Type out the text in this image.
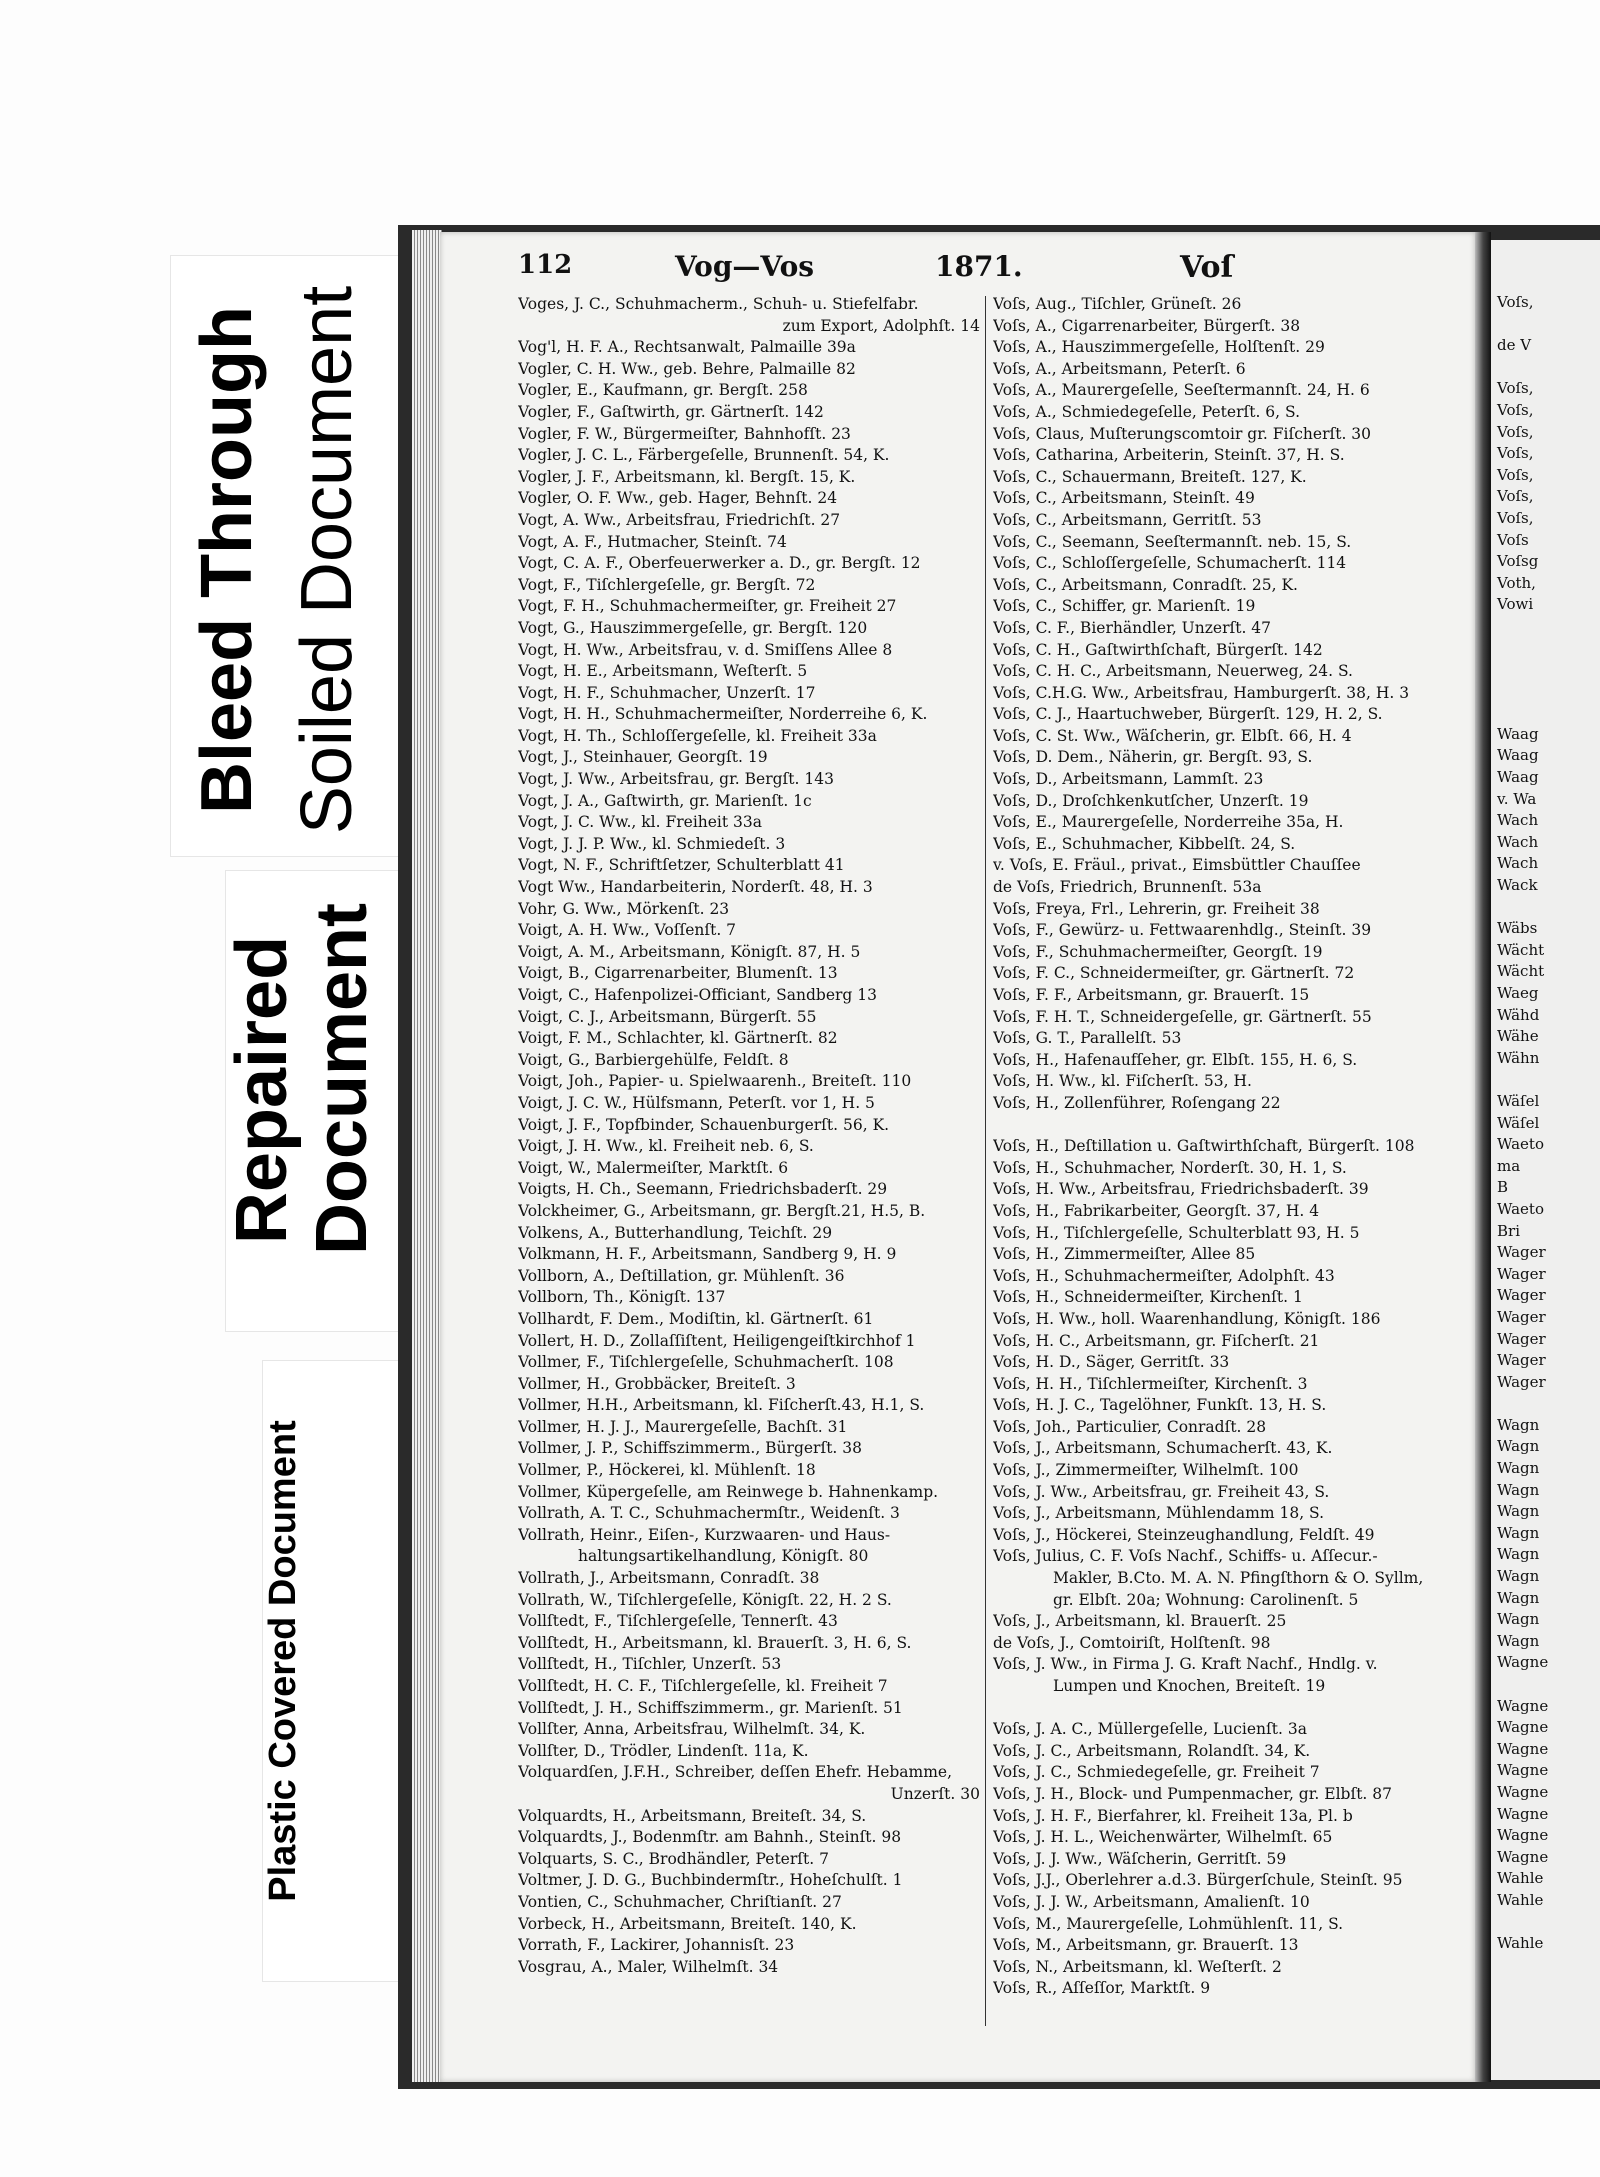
Bleed Through Soiled Document
Repaired Document
Plastic Covered Document
Voſs,

de V

Voſs,
Voſs,
Voſs,
Voſs,
Voſs,
Voſs,
Voſs,
Voſs
Voſsg
Voth,
Vowi

Waag
Waag
Waag
v. Wa
Wach
Wach
Wach
Wack

Wäbs
Wächt
Wächt
Waeg
Wähd
Wähe
Wähn

Wäſel
Wäſel
Waeto
ma
B
Waeto
Bri
Wager
Wager
Wager
Wager
Wager
Wager
Wager

Wagn
Wagn
Wagn
Wagn
Wagn
Wagn
Wagn
Wagn
Wagn
Wagn
Wagn
Wagne

Wagne
Wagne
Wagne
Wagne
Wagne
Wagne
Wagne
Wagne
Wahle
Wahle

Wahle
112	Vog—Vos	1871.	Voſ
Voges, J. C., Schuhmacherm., Schuh- u. Stiefelfabr.
zum Export, Adolphſt. 14
Vog'l, H. F. A., Rechtsanwalt, Palmaille 39a
Vogler, C. H. Ww., geb. Behre, Palmaille 82
Vogler, E., Kaufmann, gr. Bergſt. 258
Vogler, F., Gaſtwirth, gr. Gärtnerſt. 142
Vogler, F. W., Bürgermeiſter, Bahnhofſt. 23
Vogler, J. C. L., Färbergeſelle, Brunnenſt. 54, K.
Vogler, J. F., Arbeitsmann, kl. Bergſt. 15, K.
Vogler, O. F. Ww., geb. Hager, Behnſt. 24
Vogt, A. Ww., Arbeitsfrau, Friedrichſt. 27
Vogt, A. F., Hutmacher, Steinſt. 74
Vogt, C. A. F., Oberfeuerwerker a. D., gr. Bergſt. 12
Vogt, F., Tiſchlergeſelle, gr. Bergſt. 72
Vogt, F. H., Schuhmachermeiſter, gr. Freiheit 27
Vogt, G., Hauszimmergeſelle, gr. Bergſt. 120
Vogt, H. Ww., Arbeitsfrau, v. d. Smiſſens Allee 8
Vogt, H. E., Arbeitsmann, Weſterſt. 5
Vogt, H. F., Schuhmacher, Unzerſt. 17
Vogt, H. H., Schuhmachermeiſter, Norderreihe 6, K.
Vogt, H. Th., Schloſſergeſelle, kl. Freiheit 33a
Vogt, J., Steinhauer, Georgſt. 19
Vogt, J. Ww., Arbeitsfrau, gr. Bergſt. 143
Vogt, J. A., Gaſtwirth, gr. Marienſt. 1c
Vogt, J. C. Ww., kl. Freiheit 33a
Vogt, J. J. P. Ww., kl. Schmiedeſt. 3
Vogt, N. F., Schriftſetzer, Schulterblatt 41
Vogt Ww., Handarbeiterin, Norderſt. 48, H. 3
Vohr, G. Ww., Mörkenſt. 23
Voigt, A. H. Ww., Voſſenſt. 7
Voigt, A. M., Arbeitsmann, Königſt. 87, H. 5
Voigt, B., Cigarrenarbeiter, Blumenſt. 13
Voigt, C., Hafenpolizei-Officiant, Sandberg 13
Voigt, C. J., Arbeitsmann, Bürgerſt. 55
Voigt, F. M., Schlachter, kl. Gärtnerſt. 82
Voigt, G., Barbiergehülfe, Feldſt. 8
Voigt, Joh., Papier- u. Spielwaarenh., Breiteſt. 110
Voigt, J. C. W., Hülfsmann, Peterſt. vor 1, H. 5
Voigt, J. F., Topfbinder, Schauenburgerſt. 56, K.
Voigt, J. H. Ww., kl. Freiheit neb. 6, S.
Voigt, W., Malermeiſter, Marktſt. 6
Voigts, H. Ch., Seemann, Friedrichsbaderſt. 29
Volckheimer, G., Arbeitsmann, gr. Bergſt.21, H.5, B.
Volkens, A., Butterhandlung, Teichſt. 29
Volkmann, H. F., Arbeitsmann, Sandberg 9, H. 9
Vollborn, A., Deſtillation, gr. Mühlenſt. 36
Vollborn, Th., Königſt. 137
Vollhardt, F. Dem., Modiſtin, kl. Gärtnerſt. 61
Vollert, H. D., Zollaſſiſtent, Heiligengeiſtkirchhof 1
Vollmer, F., Tiſchlergeſelle, Schuhmacherſt. 108
Vollmer, H., Grobbäcker, Breiteſt. 3
Vollmer, H.H., Arbeitsmann, kl. Fiſcherſt.43, H.1, S.
Vollmer, H. J. J., Maurergeſelle, Bachſt. 31
Vollmer, J. P., Schiffszimmerm., Bürgerſt. 38
Vollmer, P., Höckerei, kl. Mühlenſt. 18
Vollmer, Küpergeſelle, am Reinwege b. Hahnenkamp.
Vollrath, A. T. C., Schuhmachermſtr., Weidenſt. 3
Vollrath, Heinr., Eiſen-, Kurzwaaren- und Haus-
haltungsartikelhandlung, Königſt. 80
Vollrath, J., Arbeitsmann, Conradſt. 38
Vollrath, W., Tiſchlergeſelle, Königſt. 22, H. 2 S.
Vollſtedt, F., Tiſchlergeſelle, Tennerſt. 43
Vollſtedt, H., Arbeitsmann, kl. Brauerſt. 3, H. 6, S.
Vollſtedt, H., Tiſchler, Unzerſt. 53
Vollſtedt, H. C. F., Tiſchlergeſelle, kl. Freiheit 7
Vollſtedt, J. H., Schiffszimmerm., gr. Marienſt. 51
Vollſter, Anna, Arbeitsfrau, Wilhelmſt. 34, K.
Vollſter, D., Trödler, Lindenſt. 11a, K.
Volquardſen, J.F.H., Schreiber, deſſen Ehefr. Hebamme,
Unzerſt. 30
Volquardts, H., Arbeitsmann, Breiteſt. 34, S.
Volquardts, J., Bodenmſtr. am Bahnh., Steinſt. 98
Volquarts, S. C., Brodhändler, Peterſt. 7
Voltmer, J. D. G., Buchbindermſtr., Hoheſchulſt. 1
Vontien, C., Schuhmacher, Chriſtianſt. 27
Vorbeck, H., Arbeitsmann, Breiteſt. 140, K.
Vorrath, F., Lackirer, Johannisſt. 23
Vosgrau, A., Maler, Wilhelmſt. 34
Voſs, Aug., Tiſchler, Grüneſt. 26
Voſs, A., Cigarrenarbeiter, Bürgerſt. 38
Voſs, A., Hauszimmergeſelle, Holſtenſt. 29
Voſs, A., Arbeitsmann, Peterſt. 6
Voſs, A., Maurergeſelle, Seeſtermannſt. 24, H. 6
Voſs, A., Schmiedegeſelle, Peterſt. 6, S.
Voſs, Claus, Muſterungscomtoir gr. Fiſcherſt. 30
Voſs, Catharina, Arbeiterin, Steinſt. 37, H. S.
Voſs, C., Schauermann, Breiteſt. 127, K.
Voſs, C., Arbeitsmann, Steinſt. 49
Voſs, C., Arbeitsmann, Gerritſt. 53
Voſs, C., Seemann, Seeſtermannſt. neb. 15, S.
Voſs, C., Schloſſergeſelle, Schumacherſt. 114
Voſs, C., Arbeitsmann, Conradſt. 25, K.
Voſs, C., Schiffer, gr. Marienſt. 19
Voſs, C. F., Bierhändler, Unzerſt. 47
Voſs, C. H., Gaſtwirthſchaft, Bürgerſt. 142
Voſs, C. H. C., Arbeitsmann, Neuerweg, 24. S.
Voſs, C.H.G. Ww., Arbeitsfrau, Hamburgerſt. 38, H. 3
Voſs, C. J., Haartuchweber, Bürgerſt. 129, H. 2, S.
Voſs, C. St. Ww., Wäſcherin, gr. Elbſt. 66, H. 4
Voſs, D. Dem., Näherin, gr. Bergſt. 93, S.
Voſs, D., Arbeitsmann, Lammſt. 23
Voſs, D., Droſchkenkutſcher, Unzerſt. 19
Voſs, E., Maurergeſelle, Norderreihe 35a, H.
Voſs, E., Schuhmacher, Kibbelſt. 24, S.
v. Voſs, E. Fräul., privat., Eimsbüttler Chauſſee
de Voſs, Friedrich, Brunnenſt. 53a
Voſs, Freya, Frl., Lehrerin, gr. Freiheit 38
Voſs, F., Gewürz- u. Fettwaarenhdlg., Steinſt. 39
Voſs, F., Schuhmachermeiſter, Georgſt. 19
Voſs, F. C., Schneidermeiſter, gr. Gärtnerſt. 72
Voſs, F. F., Arbeitsmann, gr. Brauerſt. 15
Voſs, F. H. T., Schneidergeſelle, gr. Gärtnerſt. 55
Voſs, G. T., Parallelſt. 53
Voſs, H., Hafenaufſeher, gr. Elbſt. 155, H. 6, S.
Voſs, H. Ww., kl. Fiſcherſt. 53, H.
Voſs, H., Zollenführer, Roſengang 22
Voſs, H., Deſtillation u. Gaſtwirthſchaft, Bürgerſt. 108
Voſs, H., Schuhmacher, Norderſt. 30, H. 1, S.
Voſs, H. Ww., Arbeitsfrau, Friedrichsbaderſt. 39
Voſs, H., Fabrikarbeiter, Georgſt. 37, H. 4
Voſs, H., Tiſchlergeſelle, Schulterblatt 93, H. 5
Voſs, H., Zimmermeiſter, Allee 85
Voſs, H., Schuhmachermeiſter, Adolphſt. 43
Voſs, H., Schneidermeiſter, Kirchenſt. 1
Voſs, H. Ww., holl. Waarenhandlung, Königſt. 186
Voſs, H. C., Arbeitsmann, gr. Fiſcherſt. 21
Voſs, H. D., Säger, Gerritſt. 33
Voſs, H. H., Tiſchlermeiſter, Kirchenſt. 3
Voſs, H. J. C., Tagelöhner, Funkſt. 13, H. S.
Voſs, Joh., Particulier, Conradſt. 28
Voſs, J., Arbeitsmann, Schumacherſt. 43, K.
Voſs, J., Zimmermeiſter, Wilhelmſt. 100
Voſs, J. Ww., Arbeitsfrau, gr. Freiheit 43, S.
Voſs, J., Arbeitsmann, Mühlendamm 18, S.
Voſs, J., Höckerei, Steinzeughandlung, Feldſt. 49
Voſs, Julius, C. F. Voſs Nachf., Schiffs- u. Aſſecur.-
Makler, B.Cto. M. A. N. Pfingſthorn & O. Syllm,
gr. Elbſt. 20a; Wohnung: Carolinenſt. 5
Voſs, J., Arbeitsmann, kl. Brauerſt. 25
de Voſs, J., Comtoiriſt, Holſtenſt. 98
Voſs, J. Ww., in Firma J. G. Kraft Nachf., Hndlg. v.
Lumpen und Knochen, Breiteſt. 19
Voſs, J. A. C., Müllergeſelle, Lucienſt. 3a
Voſs, J. C., Arbeitsmann, Rolandſt. 34, K.
Voſs, J. C., Schmiedegeſelle, gr. Freiheit 7
Voſs, J. H., Block- und Pumpenmacher, gr. Elbſt. 87
Voſs, J. H. F., Bierfahrer, kl. Freiheit 13a, Pl. b
Voſs, J. H. L., Weichenwärter, Wilhelmſt. 65
Voſs, J. J. Ww., Wäſcherin, Gerritſt. 59
Voſs, J.J., Oberlehrer a.d.3. Bürgerſchule, Steinſt. 95
Voſs, J. J. W., Arbeitsmann, Amalienſt. 10
Voſs, M., Maurergeſelle, Lohmühlenſt. 11, S.
Voſs, M., Arbeitsmann, gr. Brauerſt. 13
Voſs, N., Arbeitsmann, kl. Weſterſt. 2
Voſs, R., Aſſeſſor, Marktſt. 9
